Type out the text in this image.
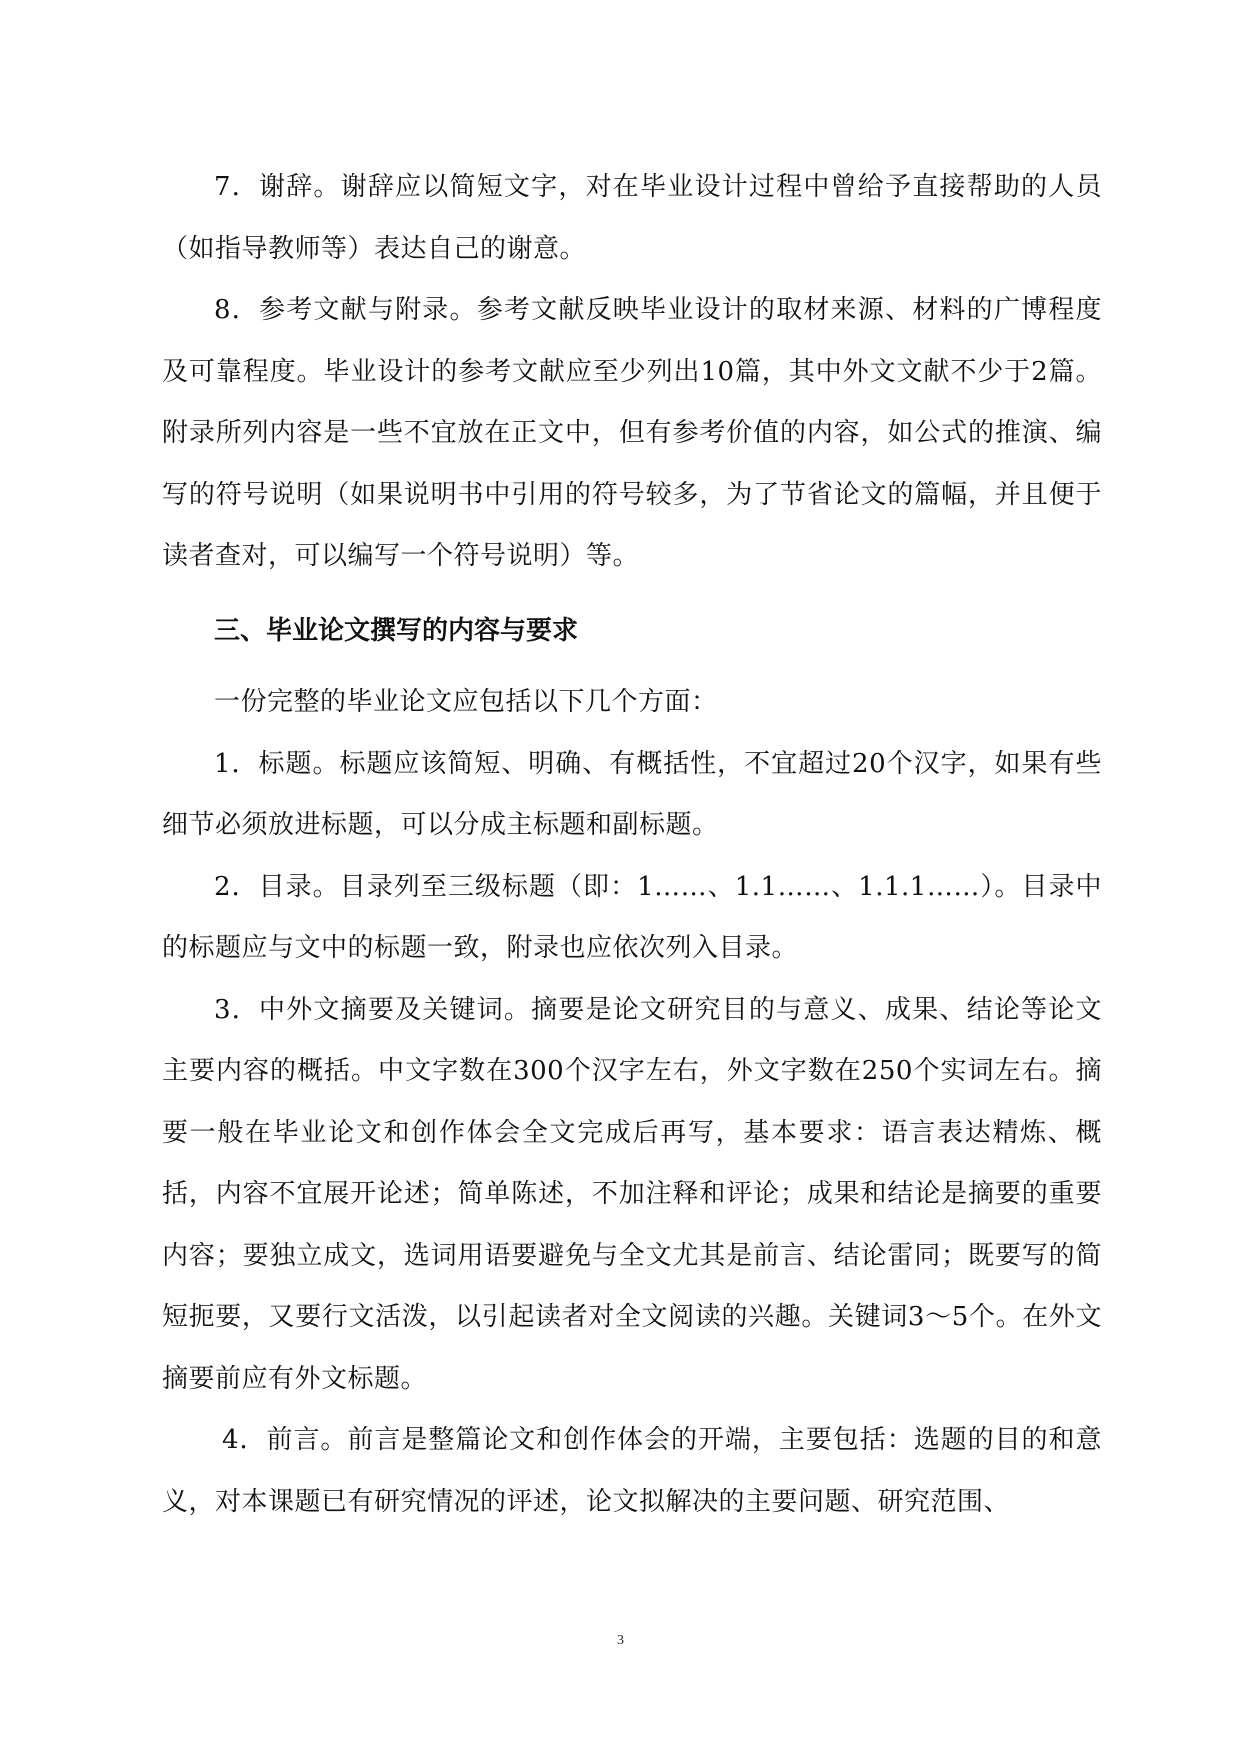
7．谢辞。谢辞应以简短文字，对在毕业设计过程中曾给予直接帮助的人员（如指导教师等）表达自己的谢意。

8．参考文献与附录。参考文献反映毕业设计的取材来源、材料的广博程度及可靠程度。毕业设计的参考文献应至少列出10篇，其中外文文献不少于2篇。附录所列内容是一些不宜放在正文中，但有参考价值的内容，如公式的推演、编写的符号说明（如果说明书中引用的符号较多，为了节省论文的篇幅，并且便于读者查对，可以编写一个符号说明）等。

三、毕业论文撰写的内容与要求

一份完整的毕业论文应包括以下几个方面：

1．标题。标题应该简短、明确、有概括性，不宜超过20个汉字，如果有些细节必须放进标题，可以分成主标题和副标题。

2．目录。目录列至三级标题（即：1……、1.1……、1.1.1……）。目录中的标题应与文中的标题一致，附录也应依次列入目录。

3．中外文摘要及关键词。摘要是论文研究目的与意义、成果、结论等论文主要内容的概括。中文字数在300个汉字左右，外文字数在250个实词左右。摘要一般在毕业论文和创作体会全文完成后再写，基本要求：语言表达精炼、概括，内容不宜展开论述；简单陈述，不加注释和评论；成果和结论是摘要的重要内容；要独立成文，选词用语要避免与全文尤其是前言、结论雷同；既要写的简短扼要，又要行文活泼，以引起读者对全文阅读的兴趣。关键词3～5个。在外文摘要前应有外文标题。

4．前言。前言是整篇论文和创作体会的开端，主要包括：选题的目的和意义，对本课题已有研究情况的评述，论文拟解决的主要问题、研究范围、

3
